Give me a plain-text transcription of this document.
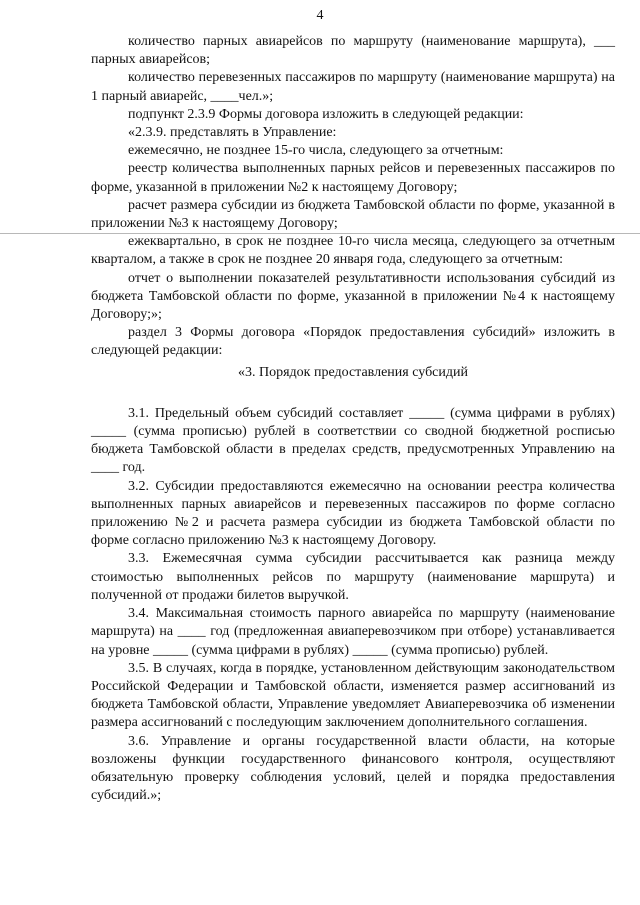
4

количество парных авиарейсов по маршруту (наименование маршрута), ___ парных авиарейсов;

количество перевезенных пассажиров по маршруту (наименование маршрута) на 1 парный авиарейс, ____чел.»;

подпункт 2.3.9 Формы договора изложить в следующей редакции:

«2.3.9. представлять в Управление:

ежемесячно, не позднее 15-го числа, следующего за отчетным:

реестр количества выполненных парных рейсов и перевезенных пассажиров по форме, указанной в приложении №2 к настоящему Договору;

расчет размера субсидии из бюджета Тамбовской области по форме, указанной в приложении №3 к настоящему Договору;

ежеквартально, в срок не позднее 10-го числа месяца, следующего за отчетным кварталом, а также в срок не позднее 20 января года, следующего за отчетным:

отчет о выполнении показателей результативности использования субсидий из бюджета Тамбовской области по форме, указанной в приложении №4 к настоящему Договору;»;

раздел 3 Формы договора «Порядок предоставления субсидий» изложить в следующей редакции:

«3. Порядок предоставления субсидий

3.1. Предельный объем субсидий составляет _____ (сумма цифрами в рублях) _____ (сумма прописью) рублей в соответствии со сводной бюджетной росписью бюджета Тамбовской области в пределах средств, предусмотренных Управлению на ____ год.

3.2. Субсидии предоставляются ежемесячно на основании реестра количества выполненных парных авиарейсов и перевезенных пассажиров по форме согласно приложению №2 и расчета размера субсидии из бюджета Тамбовской области по форме согласно приложению №3 к настоящему Договору.

3.3. Ежемесячная сумма субсидии рассчитывается как разница между стоимостью выполненных рейсов по маршруту (наименование маршрута) и полученной от продажи билетов выручкой.

3.4. Максимальная стоимость парного авиарейса по маршруту (наименование маршрута) на ____ год (предложенная авиаперевозчиком при отборе) устанавливается на уровне _____ (сумма цифрами в рублях) _____ (сумма прописью) рублей.

3.5. В случаях, когда в порядке, установленном действующим законодательством Российской Федерации и Тамбовской области, изменяется размер ассигнований из бюджета Тамбовской области, Управление уведомляет Авиаперевозчика об изменении размера ассигнований с последующим заключением дополнительного соглашения.

3.6. Управление и органы государственной власти области, на которые возложены функции государственного финансового контроля, осуществляют обязательную проверку соблюдения условий, целей и порядка предоставления субсидий.»;
